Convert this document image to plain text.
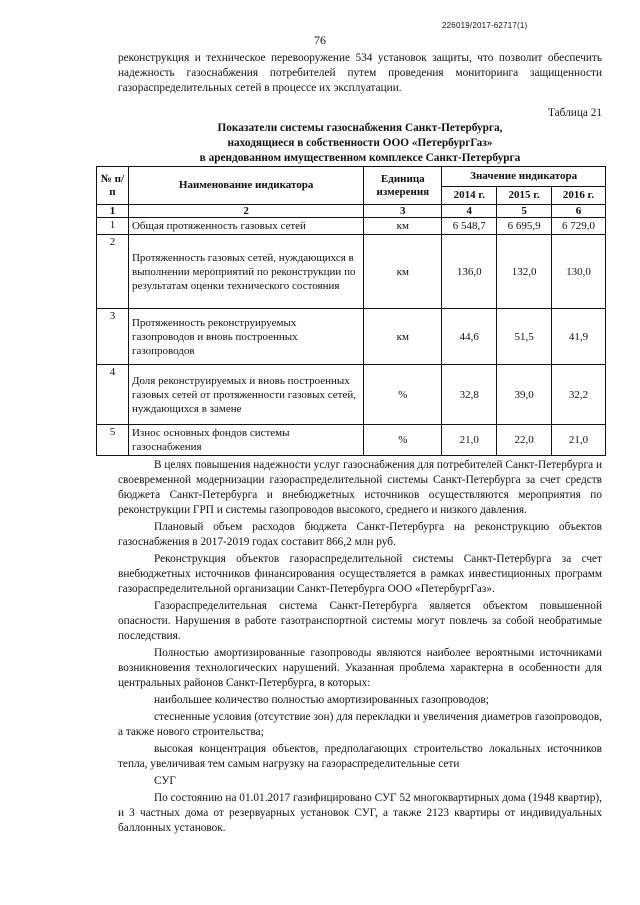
226019/2017-62717(1)
76
реконструкция и техническое перевооружение 534 установок защиты, что позволит обеспечить надежность газоснабжения потребителей путем проведения мониторинга защищенности газораспределительных сетей в процессе их эксплуатации.
Таблица 21
Показатели системы газоснабжения Санкт-Петербурга,
находящиеся в собственности ООО «ПетербургГаз»
в арендованном имущественном комплексе Санкт-Петербурга
№ п/п	Наименование индикатора	Единица измерения	Значение индикатора		
			2014 г.	2015 г.	2016 г.
1	2	3	4	5	6
1	Общая протяженность газовых сетей	км	6 548,7	6 695,9	6 729,0
2	Протяженность газовых сетей, нуждающихся в выполнении мероприятий по реконструкции по результатам оценки технического состояния	км	136,0	132,0	130,0
3	Протяженность реконструируемых газопроводов и вновь построенных газопроводов	км	44,6	51,5	41,9
4	Доля реконструируемых и вновь построенных газовых сетей от протяженности газовых сетей, нуждающихся в замене	%	32,8	39,0	32,2
5	Износ основных фондов системы газоснабжения	%	21,0	22,0	21,0
В целях повышения надежности услуг газоснабжения для потребителей Санкт-Петербурга и своевременной модернизации газораспределительной системы Санкт-Петербурга за счет средств бюджета Санкт-Петербурга и внебюджетных источников осуществляются мероприятия по реконструкции ГРП и системы газопроводов высокого, среднего и низкого давления.
Плановый объем расходов бюджета Санкт-Петербурга на реконструкцию объектов газоснабжения в 2017-2019 годах составит 866,2 млн руб.
Реконструкция объектов газораспределительной системы Санкт-Петербурга за счет внебюджетных источников финансирования осуществляется в рамках инвестиционных программ газораспределительной организации Санкт-Петербурга ООО «ПетербургГаз».
Газораспределительная система Санкт-Петербурга является объектом повышенной опасности. Нарушения в работе газотранспортной системы могут повлечь за собой необратимые последствия.
Полностью амортизированные газопроводы являются наиболее вероятными источниками возникновения технологических нарушений. Указанная проблема характерна в особенности для центральных районов Санкт-Петербурга, в которых:
наибольшее количество полностью амортизированных газопроводов;
стесненные условия (отсутствие зон) для перекладки и увеличения диаметров газопроводов, а также нового строительства;
высокая концентрация объектов, предполагающих строительство локальных источников тепла, увеличивая тем самым нагрузку на газораспределительные сети
СУГ
По состоянию на 01.01.2017 газифицировано СУГ 52 многоквартирных дома (1948 квартир), и 3 частных дома от резервуарных установок СУГ, а также 2123 квартиры от индивидуальных баллонных установок.
